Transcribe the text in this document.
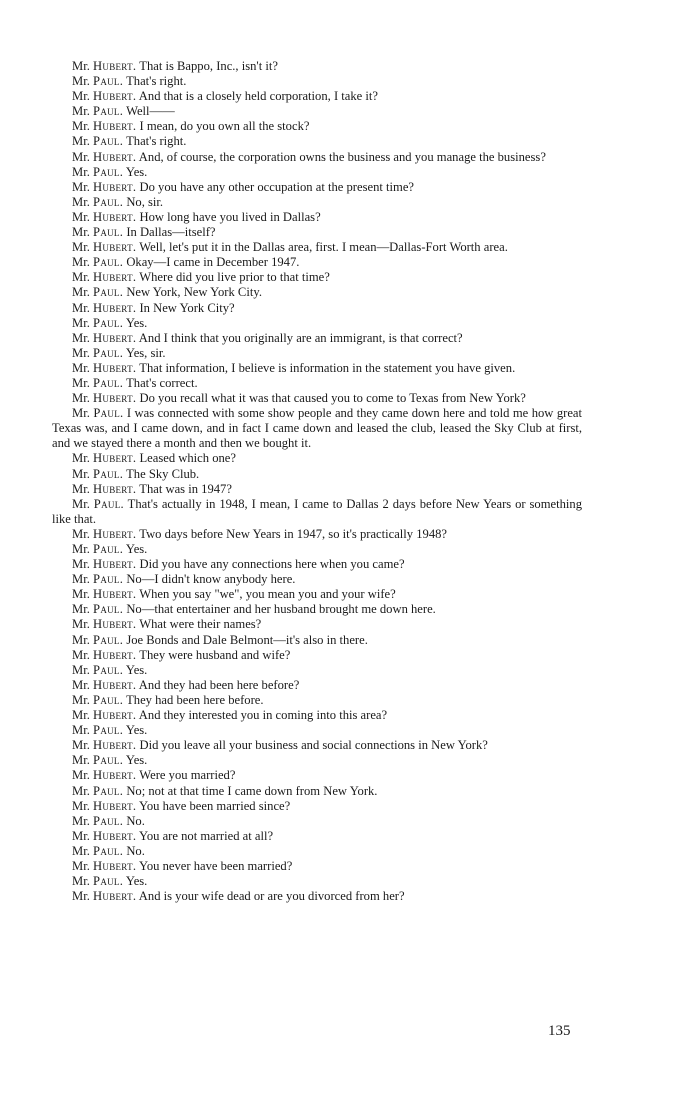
Mr. Hubert. That is Bappo, Inc., isn't it?

Mr. Paul. That's right.

Mr. Hubert. And that is a closely held corporation, I take it?

Mr. Paul. Well——

Mr. Hubert. I mean, do you own all the stock?

Mr. Paul. That's right.

Mr. Hubert. And, of course, the corporation owns the business and you manage the business?

Mr. Paul. Yes.

Mr. Hubert. Do you have any other occupation at the present time?

Mr. Paul. No, sir.

Mr. Hubert. How long have you lived in Dallas?

Mr. Paul. In Dallas—itself?

Mr. Hubert. Well, let's put it in the Dallas area, first. I mean—Dallas-Fort Worth area.

Mr. Paul. Okay—I came in December 1947.

Mr. Hubert. Where did you live prior to that time?

Mr. Paul. New York, New York City.

Mr. Hubert. In New York City?

Mr. Paul. Yes.

Mr. Hubert. And I think that you originally are an immigrant, is that correct?

Mr. Paul. Yes, sir.

Mr. Hubert. That information, I believe is information in the statement you have given.

Mr. Paul. That's correct.

Mr. Hubert. Do you recall what it was that caused you to come to Texas from New York?

Mr. Paul. I was connected with some show people and they came down here and told me how great Texas was, and I came down, and in fact I came down and leased the club, leased the Sky Club at first, and we stayed there a month and then we bought it.

Mr. Hubert. Leased which one?

Mr. Paul. The Sky Club.

Mr. Hubert. That was in 1947?

Mr. Paul. That's actually in 1948, I mean, I came to Dallas 2 days before New Years or something like that.

Mr. Hubert. Two days before New Years in 1947, so it's practically 1948?

Mr. Paul. Yes.

Mr. Hubert. Did you have any connections here when you came?

Mr. Paul. No—I didn't know anybody here.

Mr. Hubert. When you say "we", you mean you and your wife?

Mr. Paul. No—that entertainer and her husband brought me down here.

Mr. Hubert. What were their names?

Mr. Paul. Joe Bonds and Dale Belmont—it's also in there.

Mr. Hubert. They were husband and wife?

Mr. Paul. Yes.

Mr. Hubert. And they had been here before?

Mr. Paul. They had been here before.

Mr. Hubert. And they interested you in coming into this area?

Mr. Paul. Yes.

Mr. Hubert. Did you leave all your business and social connections in New York?

Mr. Paul. Yes.

Mr. Hubert. Were you married?

Mr. Paul. No; not at that time I came down from New York.

Mr. Hubert. You have been married since?

Mr. Paul. No.

Mr. Hubert. You are not married at all?

Mr. Paul. No.

Mr. Hubert. You never have been married?

Mr. Paul. Yes.

Mr. Hubert. And is your wife dead or are you divorced from her?

135
